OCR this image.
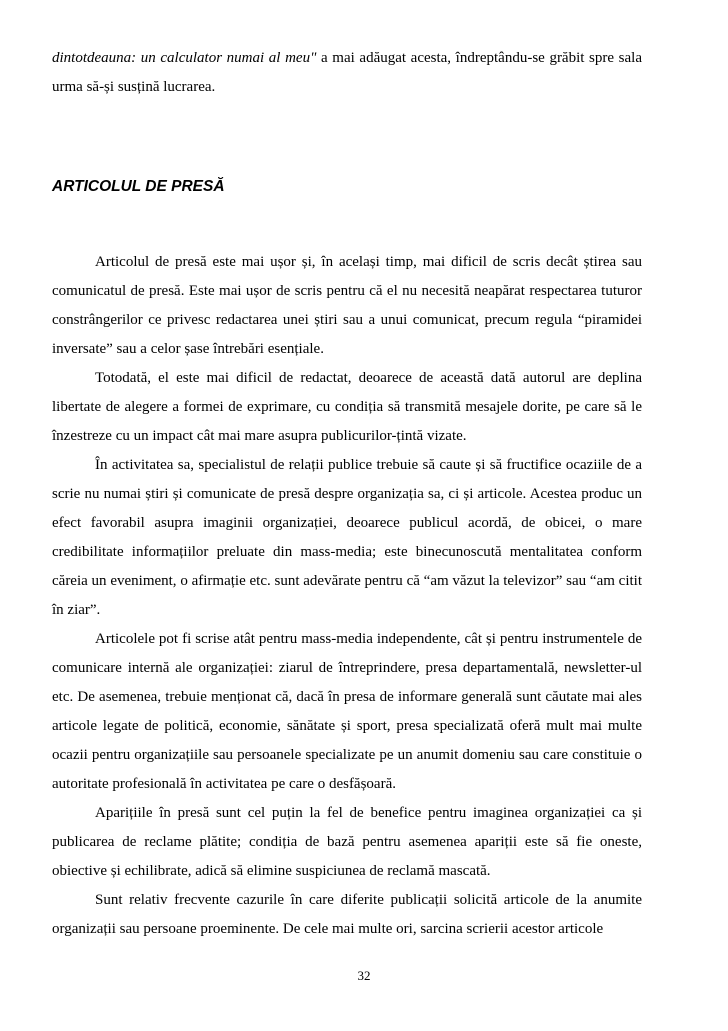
dintotdeauna: un calculator numai al meu" a mai adăugat acesta, îndreptându-se grăbit spre sala urma să-și susțină lucrarea.

ARTICOLUL DE PRESĂ

Articolul de presă este mai ușor și, în același timp, mai dificil de scris decât știrea sau comunicatul de presă. Este mai ușor de scris pentru că el nu necesită neapărat respectarea tuturor constrângerilor ce privesc redactarea unei știri sau a unui comunicat, precum regula “piramidei inversate” sau a celor șase întrebări esențiale.

Totodată, el este mai dificil de redactat, deoarece de această dată autorul are deplina libertate de alegere a formei de exprimare, cu condiția să transmită mesajele dorite, pe care să le înzestreze cu un impact cât mai mare asupra publicurilor-țintă vizate.

În activitatea sa, specialistul de relații publice trebuie să caute și să fructifice ocaziile de a scrie nu numai știri și comunicate de presă despre organizația sa, ci și articole. Acestea produc un efect favorabil asupra imaginii organizației, deoarece publicul acordă, de obicei, o mare credibilitate informațiilor preluate din mass-media; este binecunoscută mentalitatea conform căreia un eveniment, o afirmație etc. sunt adevărate pentru că “am văzut la televizor” sau “am citit în ziar”.

Articolele pot fi scrise atât pentru mass-media independente, cât și pentru instrumentele de comunicare internă ale organizației: ziarul de întreprindere, presa departamentală, newsletter-ul etc. De asemenea, trebuie menționat că, dacă în presa de informare generală sunt căutate mai ales articole legate de politică, economie, sănătate și sport, presa specializată oferă mult mai multe ocazii pentru organizațiile sau persoanele specializate pe un anumit domeniu sau care constituie o autoritate profesională în activitatea pe care o desfășoară.

Aparițiile în presă sunt cel puțin la fel de benefice pentru imaginea organizației ca și publicarea de reclame plătite; condiția de bază pentru asemenea apariții este să fie oneste, obiective și echilibrate, adică să elimine suspiciunea de reclamă mascată.

Sunt relativ frecvente cazurile în care diferite publicații solicită articole de la anumite organizații sau persoane proeminente. De cele mai multe ori, sarcina scrierii acestor articole

32
